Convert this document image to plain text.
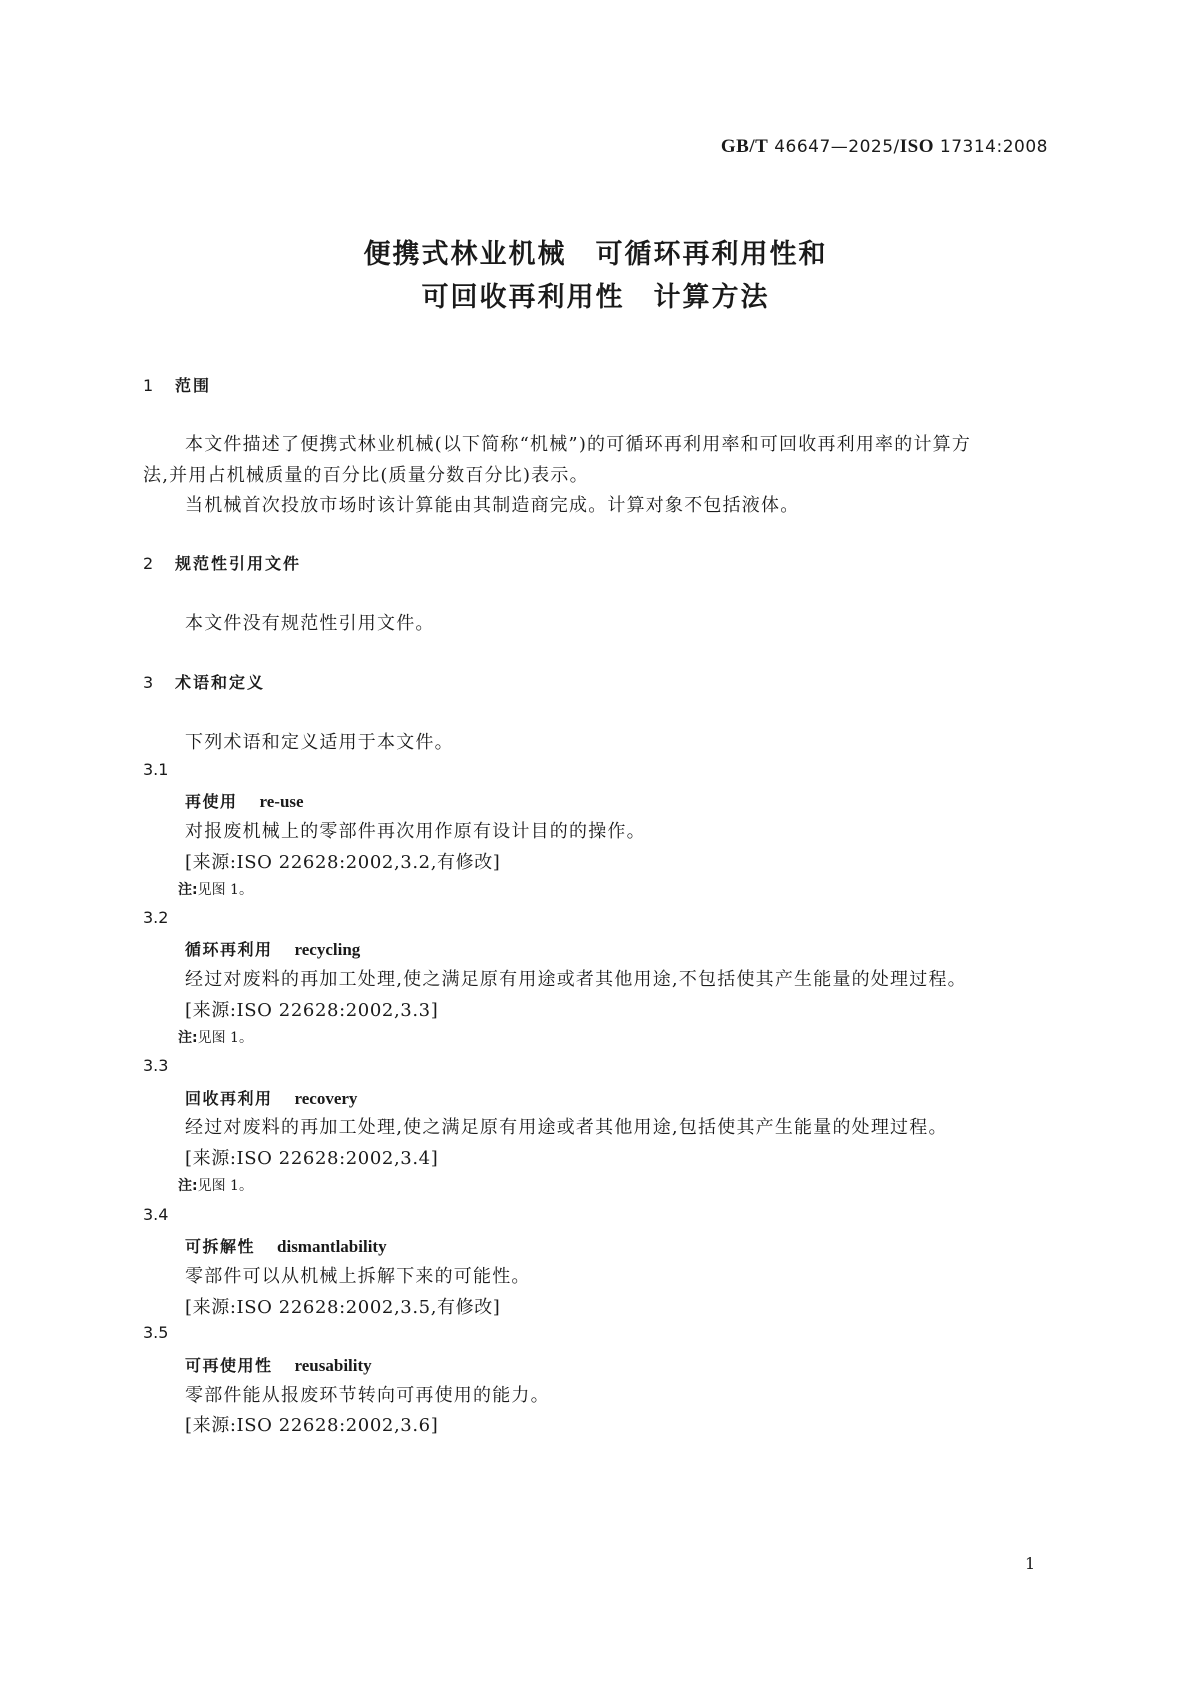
GB/T 46647—2025/ISO 17314:2008
便携式林业机械　可循环再利用性和
可回收再利用性　计算方法
1 范围
本文件描述了便携式林业机械(以下简称“机械”)的可循环再利用率和可回收再利用率的计算方
法,并用占机械质量的百分比(质量分数百分比)表示。
当机械首次投放市场时该计算能由其制造商完成。计算对象不包括液体。
2 规范性引用文件
本文件没有规范性引用文件。
3 术语和定义
下列术语和定义适用于本文件。
3.1
再使用 re-use
对报废机械上的零部件再次用作原有设计目的的操作。
[来源:ISO 22628:2002,3.2,有修改]
注:见图 1。
3.2
循环再利用 recycling
经过对废料的再加工处理,使之满足原有用途或者其他用途,不包括使其产生能量的处理过程。
[来源:ISO 22628:2002,3.3]
注:见图 1。
3.3
回收再利用 recovery
经过对废料的再加工处理,使之满足原有用途或者其他用途,包括使其产生能量的处理过程。
[来源:ISO 22628:2002,3.4]
注:见图 1。
3.4
可拆解性 dismantlability
零部件可以从机械上拆解下来的可能性。
[来源:ISO 22628:2002,3.5,有修改]
3.5
可再使用性 reusability
零部件能从报废环节转向可再使用的能力。
[来源:ISO 22628:2002,3.6]
1
